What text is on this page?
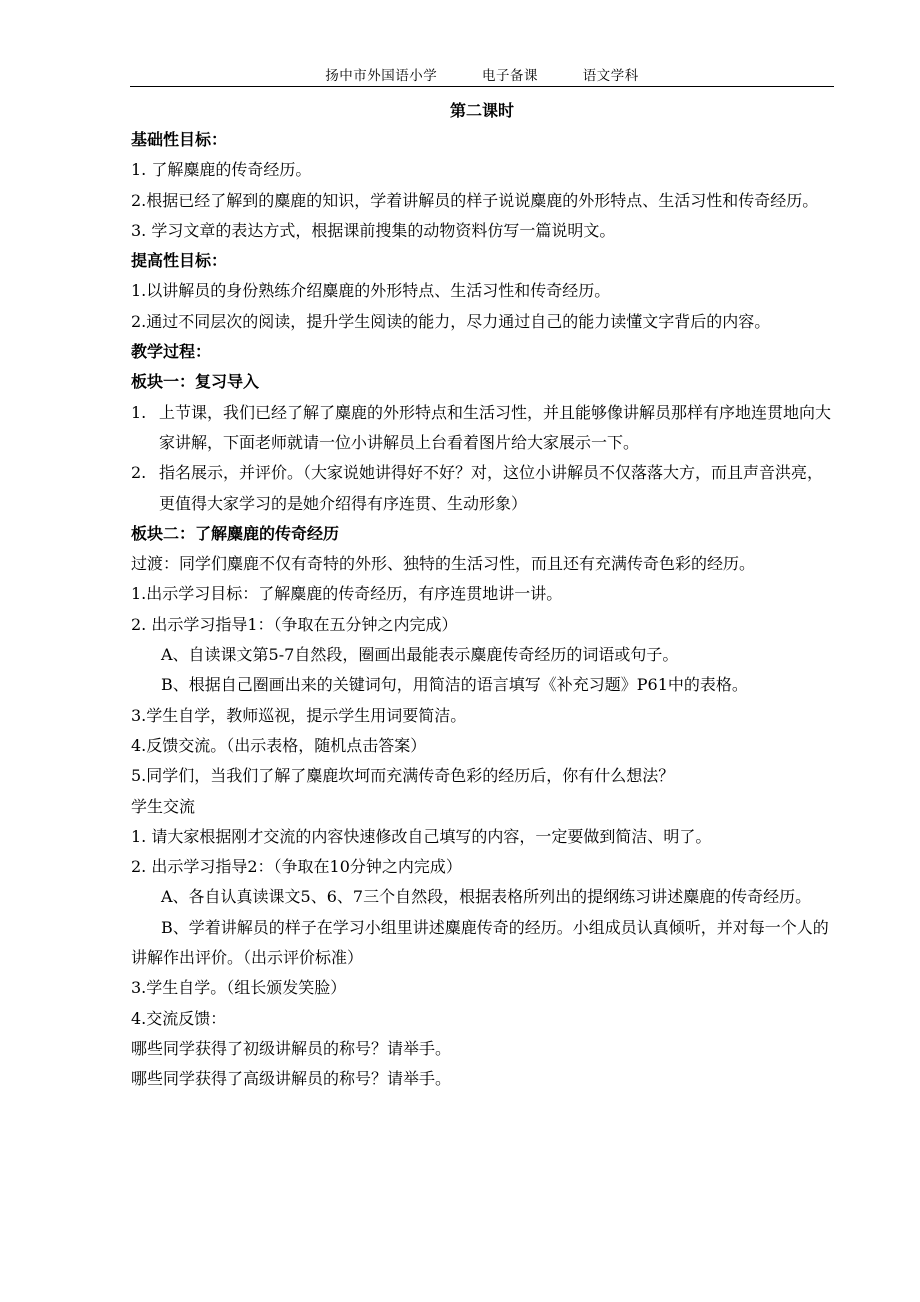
扬中市外国语小学	电子备课	语文学科
第二课时

基础性目标：

1. 了解麋鹿的传奇经历。

2.根据已经了解到的麋鹿的知识，学着讲解员的样子说说麋鹿的外形特点、生活习性和传奇经历。

3. 学习文章的表达方式，根据课前搜集的动物资料仿写一篇说明文。

提高性目标：

1.以讲解员的身份熟练介绍麋鹿的外形特点、生活习性和传奇经历。

2.通过不同层次的阅读，提升学生阅读的能力，尽力通过自己的能力读懂文字背后的内容。

教学过程：

板块一：复习导入

1. 上节课，我们已经了解了麋鹿的外形特点和生活习性，并且能够像讲解员那样有序地连贯地向大家讲解，下面老师就请一位小讲解员上台看着图片给大家展示一下。
2. 指名展示，并评价。（大家说她讲得好不好？对，这位小讲解员不仅落落大方，而且声音洪亮，更值得大家学习的是她介绍得有序连贯、生动形象）

板块二：了解麋鹿的传奇经历

过渡：同学们麋鹿不仅有奇特的外形、独特的生活习性，而且还有充满传奇色彩的经历。

1.出示学习目标：了解麋鹿的传奇经历，有序连贯地讲一讲。

2. 出示学习指导1：（争取在五分钟之内完成）

A、自读课文第5-7自然段，圈画出最能表示麋鹿传奇经历的词语或句子。

B、根据自己圈画出来的关键词句，用简洁的语言填写《补充习题》P61中的表格。

3.学生自学，教师巡视，提示学生用词要简洁。

4.反馈交流。（出示表格，随机点击答案）

5.同学们，当我们了解了麋鹿坎坷而充满传奇色彩的经历后，你有什么想法？

学生交流

1. 请大家根据刚才交流的内容快速修改自己填写的内容，一定要做到简洁、明了。

2. 出示学习指导2：（争取在10分钟之内完成）

A、各自认真读课文5、6、7三个自然段，根据表格所列出的提纲练习讲述麋鹿的传奇经历。

B、学着讲解员的样子在学习小组里讲述麋鹿传奇的经历。小组成员认真倾听，并对每一个人的讲解作出评价。（出示评价标准）

3.学生自学。（组长颁发笑脸）

4.交流反馈：

哪些同学获得了初级讲解员的称号？请举手。

哪些同学获得了高级讲解员的称号？请举手。
